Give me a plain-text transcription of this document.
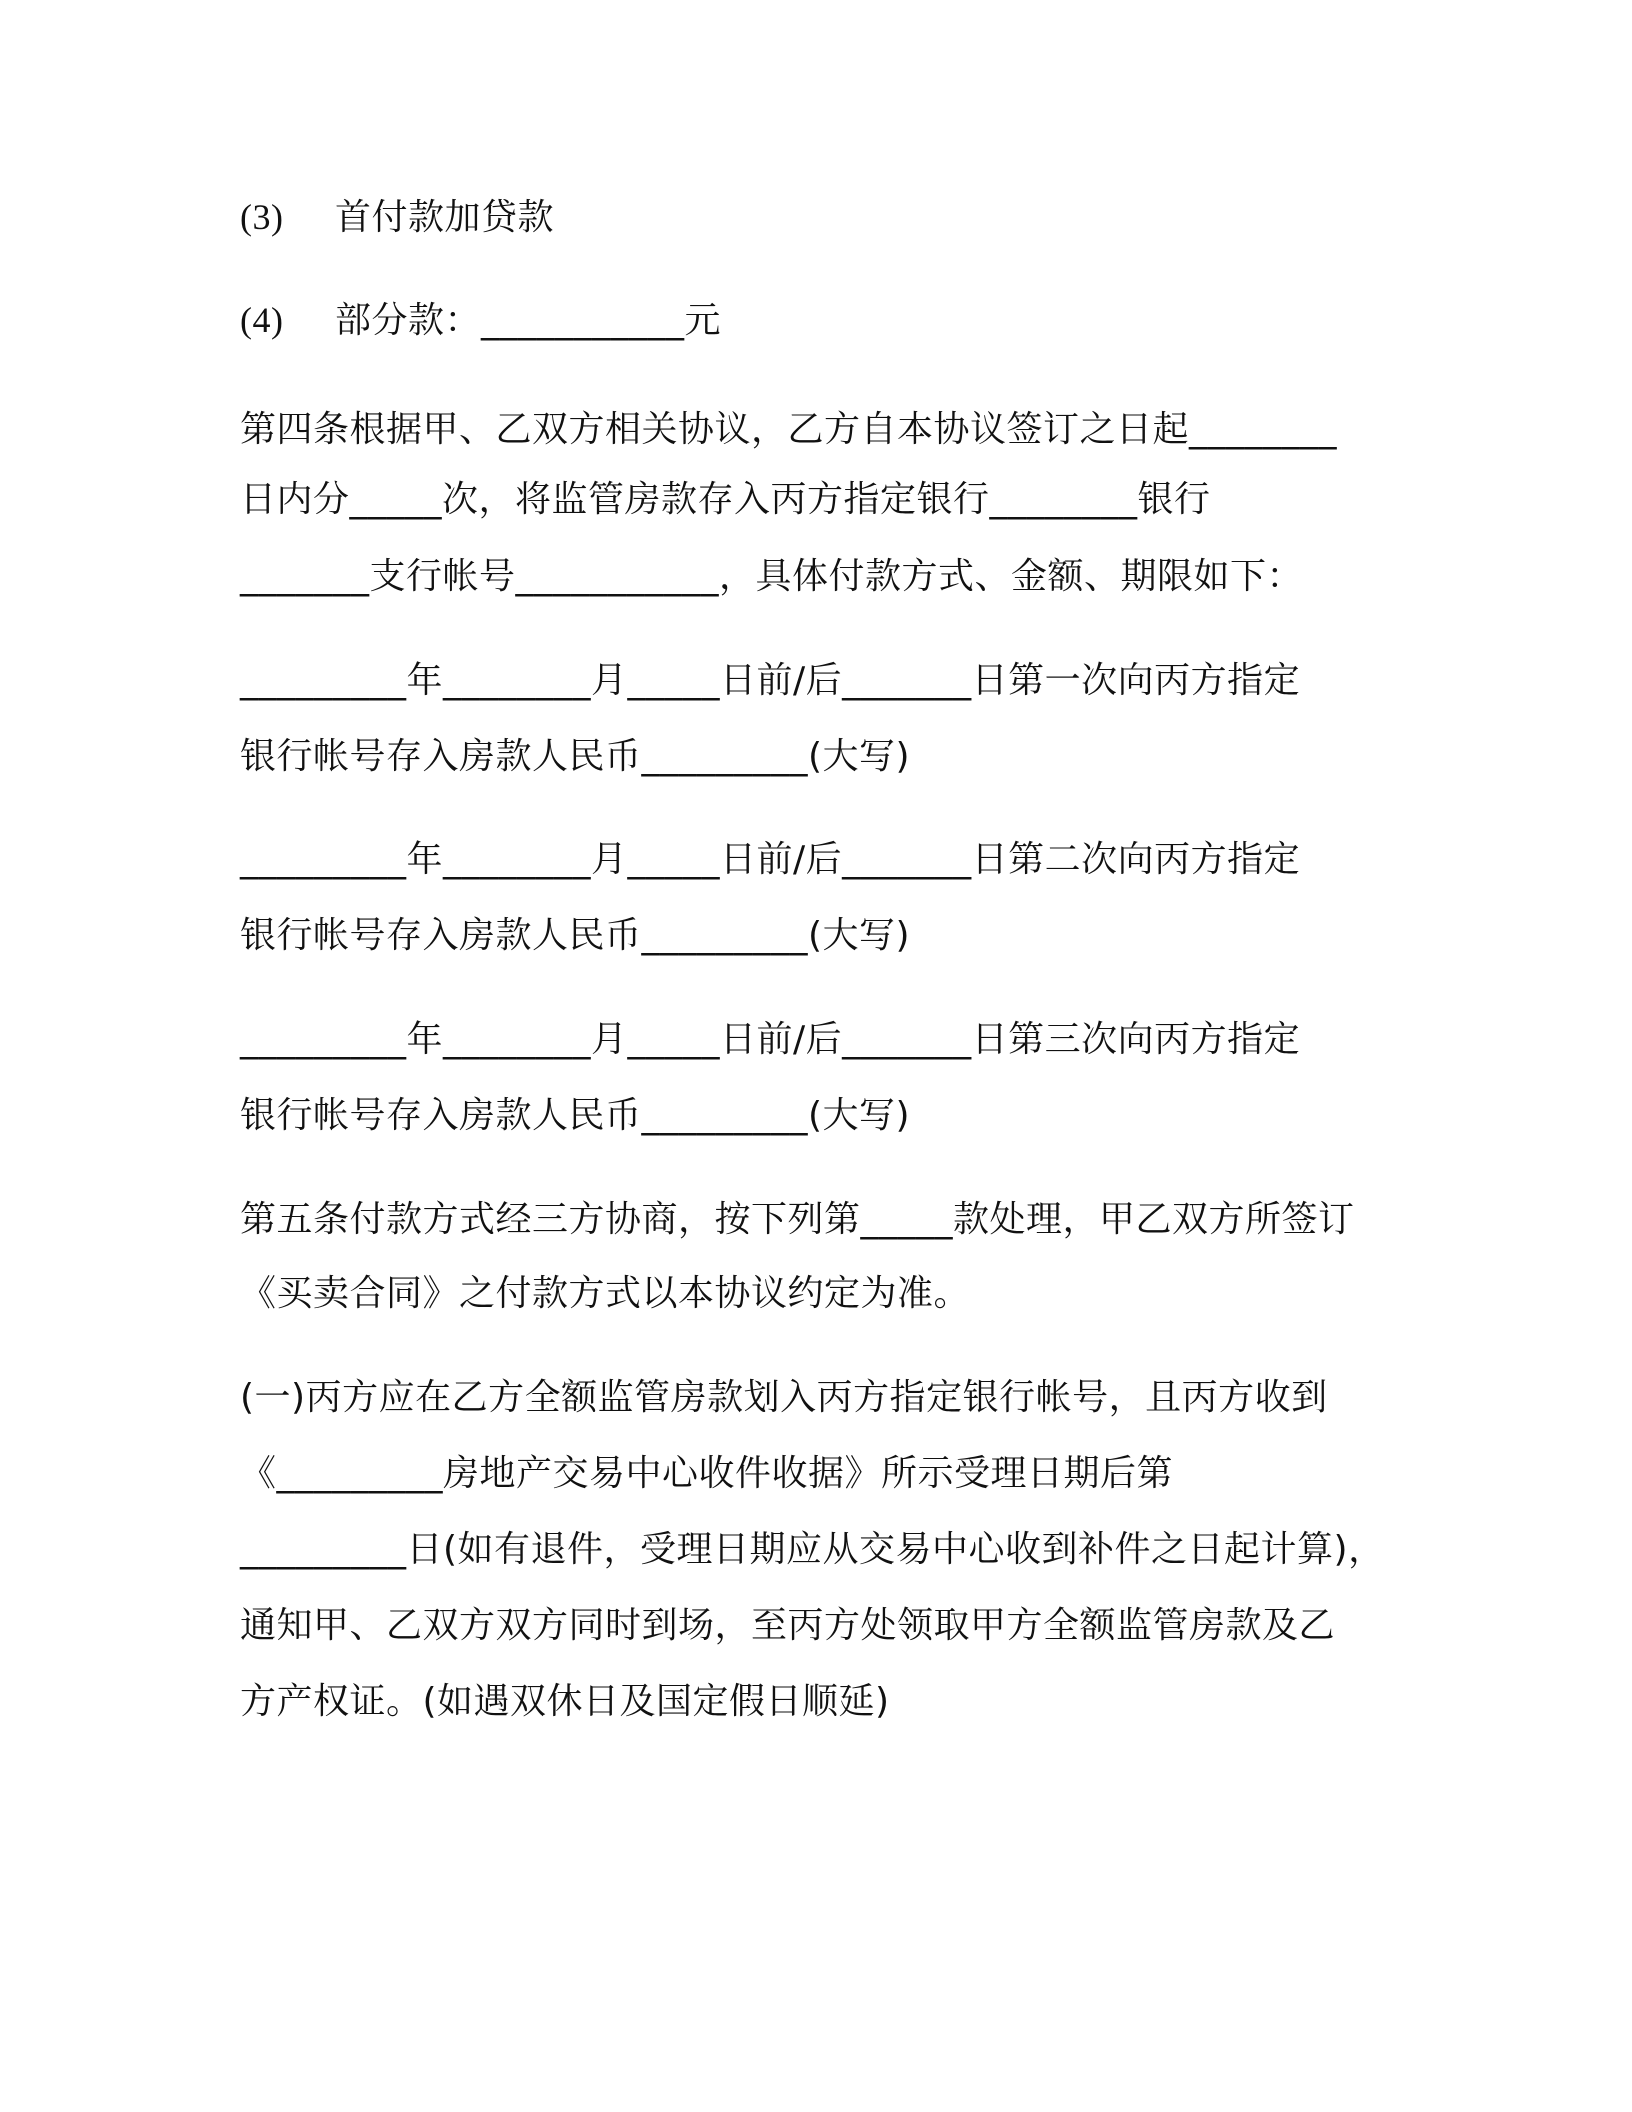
(3) 首付款加贷款
(4) 部分款：___________元
第四条根据甲、乙双方相关协议，乙方自本协议签订之日起________
日内分_____次，将监管房款存入丙方指定银行________银行
_______支行帐号___________，具体付款方式、金额、期限如下：
_________年________月_____日前/后_______日第一次向丙方指定
银行帐号存入房款人民币_________(大写)
_________年________月_____日前/后_______日第二次向丙方指定
银行帐号存入房款人民币_________(大写)
_________年________月_____日前/后_______日第三次向丙方指定
银行帐号存入房款人民币_________(大写)
第五条付款方式经三方协商，按下列第_____款处理，甲乙双方所签订
《买卖合同》之付款方式以本协议约定为准。
(一)丙方应在乙方全额监管房款划入丙方指定银行帐号，且丙方收到
《_________房地产交易中心收件收据》所示受理日期后第
_________日(如有退件，受理日期应从交易中心收到补件之日起计算)，
通知甲、乙双方双方同时到场，至丙方处领取甲方全额监管房款及乙
方产权证。(如遇双休日及国定假日顺延)
